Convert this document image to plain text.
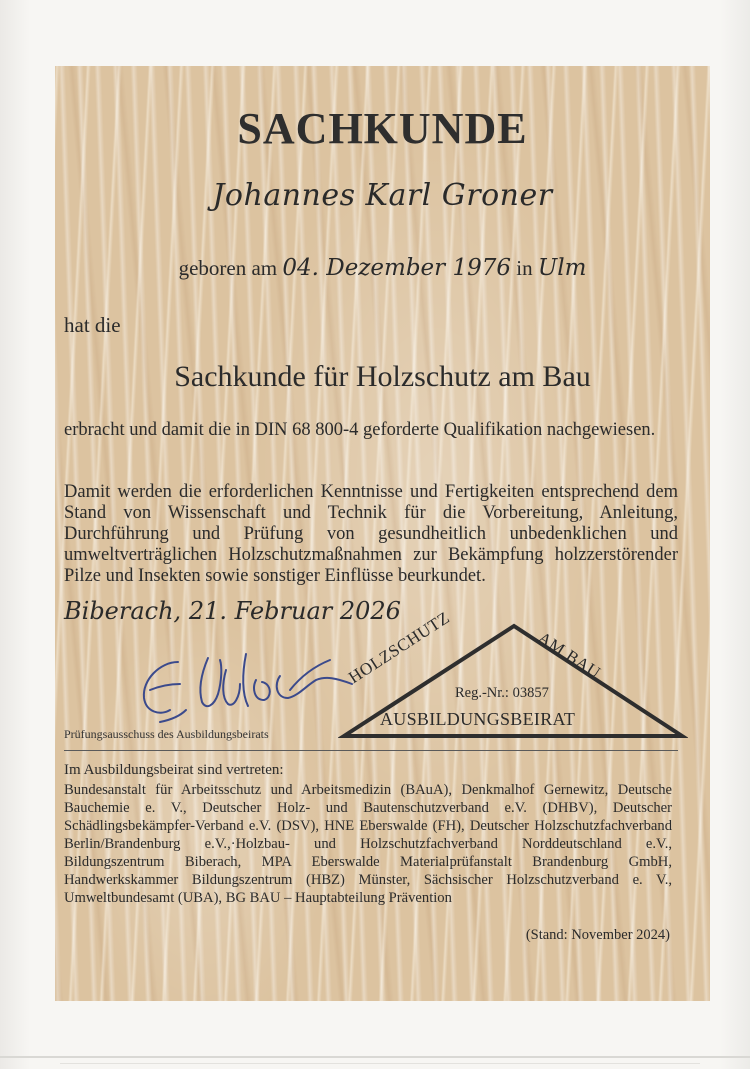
SACHKUNDE
Johannes Karl Groner
geboren am 04. Dezember 1976 in Ulm
hat die
Sachkunde für Holzschutz am Bau
erbracht und damit die in DIN 68 800-4 geforderte Qualifikation nachgewiesen.
Damit werden die erforderlichen Kenntnisse und Fertigkeiten entsprechend dem Stand von Wissenschaft und Technik für die Vorbereitung, Anleitung, Durchführung und Prüfung von gesundheitlich unbedenklichen und umweltverträglichen Holzschutzmaßnahmen zur Bekämpfung holzzerstörender Pilze und Insekten sowie sonstiger Einflüsse beurkundet.
Biberach, 21. Februar 2026
Prüfungsausschuss des Ausbildungsbeirats
HOLZSCHUTZ	AM BAU
Reg.-Nr.: 03857
AUSBILDUNGSBEIRAT
Im Ausbildungsbeirat sind vertreten:
Bundesanstalt für Arbeitsschutz und Arbeitsmedizin (BAuA), Denkmalhof Gernewitz, Deutsche Bauchemie e. V., Deutscher Holz- und Bautenschutzverband e.V. (DHBV), Deutscher Schädlingsbekämpfer-Verband e.V. (DSV), HNE Eberswalde (FH), Deutscher Holzschutzfachverband Berlin/Brandenburg e.V.,·Holzbau- und Holzschutzfachverband Norddeutschland e.V., Bildungszentrum Biberach, MPA Eberswalde Materialprüfanstalt Brandenburg GmbH, Handwerkskammer Bildungszentrum (HBZ) Münster, Sächsischer Holzschutzverband e. V., Umweltbundesamt (UBA), BG BAU – Hauptabteilung Prävention
(Stand: November 2024)
